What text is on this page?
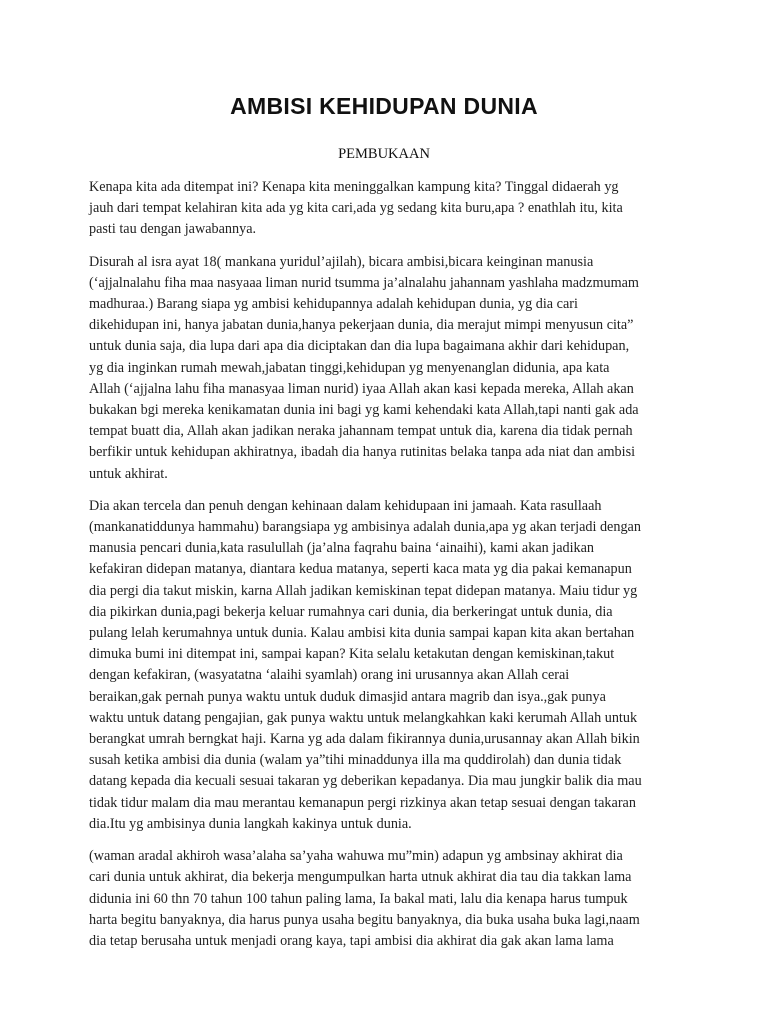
AMBISI KEHIDUPAN DUNIA
PEMBUKAAN
Kenapa kita ada ditempat ini? Kenapa kita meninggalkan kampung kita? Tinggal didaerah yg
jauh dari tempat kelahiran kita ada yg kita cari,ada yg sedang kita buru,apa ? enathlah itu, kita
pasti tau dengan jawabannya.
Disurah al isra ayat 18( mankana yuridul’ajilah), bicara ambisi,bicara keinginan manusia
(‘ajjalnalahu fiha maa nasyaaa liman nurid tsumma ja’alnalahu jahannam yashlaha madzmumam
madhuraa.) Barang siapa yg ambisi kehidupannya adalah kehidupan dunia, yg dia cari
dikehidupan ini, hanya jabatan dunia,hanya pekerjaan dunia, dia merajut mimpi menyusun cita”
untuk dunia saja, dia lupa dari apa dia diciptakan dan dia lupa bagaimana akhir dari kehidupan,
yg dia inginkan rumah mewah,jabatan tinggi,kehidupan yg menyenanglan didunia, apa kata
Allah (‘ajjalna lahu fiha manasyaa liman nurid) iyaa Allah akan kasi kepada mereka, Allah akan
bukakan bgi mereka kenikamatan dunia ini bagi yg kami kehendaki kata Allah,tapi nanti gak ada
tempat buatt dia, Allah akan jadikan neraka jahannam tempat untuk dia, karena dia tidak pernah
berfikir untuk kehidupan akhiratnya, ibadah dia hanya rutinitas belaka tanpa ada niat dan ambisi
untuk akhirat.
Dia akan tercela dan penuh dengan kehinaan dalam kehidupaan ini jamaah. Kata rasullaah
(mankanatiddunya hammahu) barangsiapa yg ambisinya adalah dunia,apa yg akan terjadi dengan
manusia pencari dunia,kata rasulullah (ja’alna faqrahu baina ‘ainaihi), kami akan jadikan
kefakiran didepan matanya, diantara kedua matanya, seperti kaca mata yg dia pakai kemanapun
dia pergi dia takut miskin, karna Allah jadikan kemiskinan tepat didepan matanya. Maiu tidur yg
dia pikirkan dunia,pagi bekerja keluar rumahnya cari dunia, dia berkeringat untuk dunia, dia
pulang lelah kerumahnya untuk dunia. Kalau ambisi kita dunia sampai kapan kita akan bertahan
dimuka bumi ini ditempat ini, sampai kapan? Kita selalu ketakutan dengan kemiskinan,takut
dengan kefakiran, (wasyatatna ‘alaihi syamlah) orang ini urusannya akan Allah cerai
beraikan,gak pernah punya waktu untuk duduk dimasjid antara magrib dan isya.,gak punya
waktu untuk datang pengajian, gak punya waktu untuk melangkahkan kaki kerumah Allah untuk
berangkat umrah berngkat haji. Karna yg ada dalam fikirannya dunia,urusannay akan Allah bikin
susah ketika ambisi dia dunia (walam ya”tihi minaddunya illa ma quddirolah) dan dunia tidak
datang kepada dia kecuali sesuai takaran yg deberikan kepadanya. Dia mau jungkir balik dia mau
tidak tidur malam dia mau merantau kemanapun pergi rizkinya akan tetap sesuai dengan takaran
dia.Itu yg ambisinya dunia langkah kakinya untuk dunia.
(waman aradal akhiroh wasa’alaha sa’yaha wahuwa mu”min) adapun yg ambsinay akhirat dia
cari dunia untuk akhirat, dia bekerja mengumpulkan harta utnuk akhirat dia tau dia takkan lama
didunia ini 60 thn 70 tahun 100 tahun paling lama, Ia bakal mati, lalu dia kenapa harus tumpuk
harta begitu banyaknya, dia harus punya usaha begitu banyaknya, dia buka usaha buka lagi,naam
dia tetap berusaha untuk menjadi orang kaya, tapi ambisi dia akhirat dia gak akan lama lama
